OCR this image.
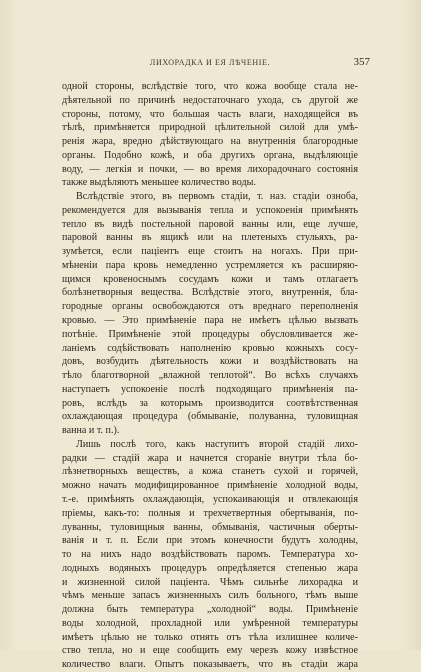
ЛИХОРАДКА И ЕЯ ЛѢЧЕНІЕ.	357
одной стороны, вслѣдствіе того, что кожа вообще стала не-
дѣятельной по причинѣ недостаточнаго ухода, съ другой же
стороны, потому, что большая часть влаги, находящейся въ
тѣлѣ, примѣняется природной цѣлительной силой для умѣ-
ренія жара, вредно дѣйствующаго на внутреннія благородные
органы. Подобно кожѣ, и оба другихъ органа, выдѣляющіе
воду, — легкія и почки, — во время лихорадочнаго состоянія
также выдѣляютъ меньшее количество воды.
Вслѣдствіе этого, въ первомъ стадіи, т. наз. стадіи озноба,
рекомендуется для вызыванія тепла и успокоенія примѣнять
тепло въ видѣ постельной паровой ванны или, еще лучше,
паровой ванны въ ящикѣ или на плетеныхъ стульяхъ, ра-
зумѣется, если паціентъ еще стоитъ на ногахъ. При при-
мѣненіи пара кровь немедленно устремляется къ расширяю-
щимся кровеноснымъ сосудамъ кожи и тамъ отлагаетъ
болѣзнетворныя вещества. Вслѣдствіе этого, внутреннія, бла-
городные органы освобождаются отъ вреднаго переполненія
кровью. — Это примѣненіе пара не имѣетъ цѣлью вызвать
потѣніе. Примѣненіе этой процедуры обусловливается же-
ланіемъ содѣйствовать наполненію кровью кожныхъ сосу-
довъ, возбудить дѣятельность кожи и воздѣйствовать на
тѣло благотворной „влажной теплотой“. Во всѣхъ случаяхъ
наступаетъ успокоеніе послѣ подходящаго примѣненія па-
ровъ, вслѣдъ за которымъ производится соотвѣтственная
охлаждающая процедура (обмываніе, полуванна, туловищная
ванна и т. п.).
Лишь послѣ того, какъ наступитъ второй стадій лихо-
радки — стадій жара и начнется сгораніе внутри тѣла бо-
лѣзнетворныхъ веществъ, а кожа станетъ сухой и горячей,
можно начать модифицированное примѣненіе холодной воды,
т.-е. примѣнять охлаждающія, успокаивающія и отвлекающія
пріемы, какъ-то: полныя и трехчетвертныя обертыванія, по-
луванны, туловищныя ванны, обмыванія, частичныя оберты-
ванія и т. п. Если при этомъ конечности будутъ холодны,
то на нихъ надо воздѣйствовать паромъ. Температура хо-
лодныхъ водяныхъ процедуръ опредѣляется степенью жара
и жизненной силой паціента. Чѣмъ сильнѣе лихорадка и
чѣмъ меньше запасъ жизненныхъ силъ больного, тѣмъ выше
должна быть температура „холодной“ воды. Примѣненіе
воды холодной, прохладной или умѣренной температуры
имѣетъ цѣлью не только отнять отъ тѣла излишнее количе-
ство тепла, но и еще сообщить ему черезъ кожу извѣстное
количество влаги. Опытъ показываетъ, что въ стадіи жара
